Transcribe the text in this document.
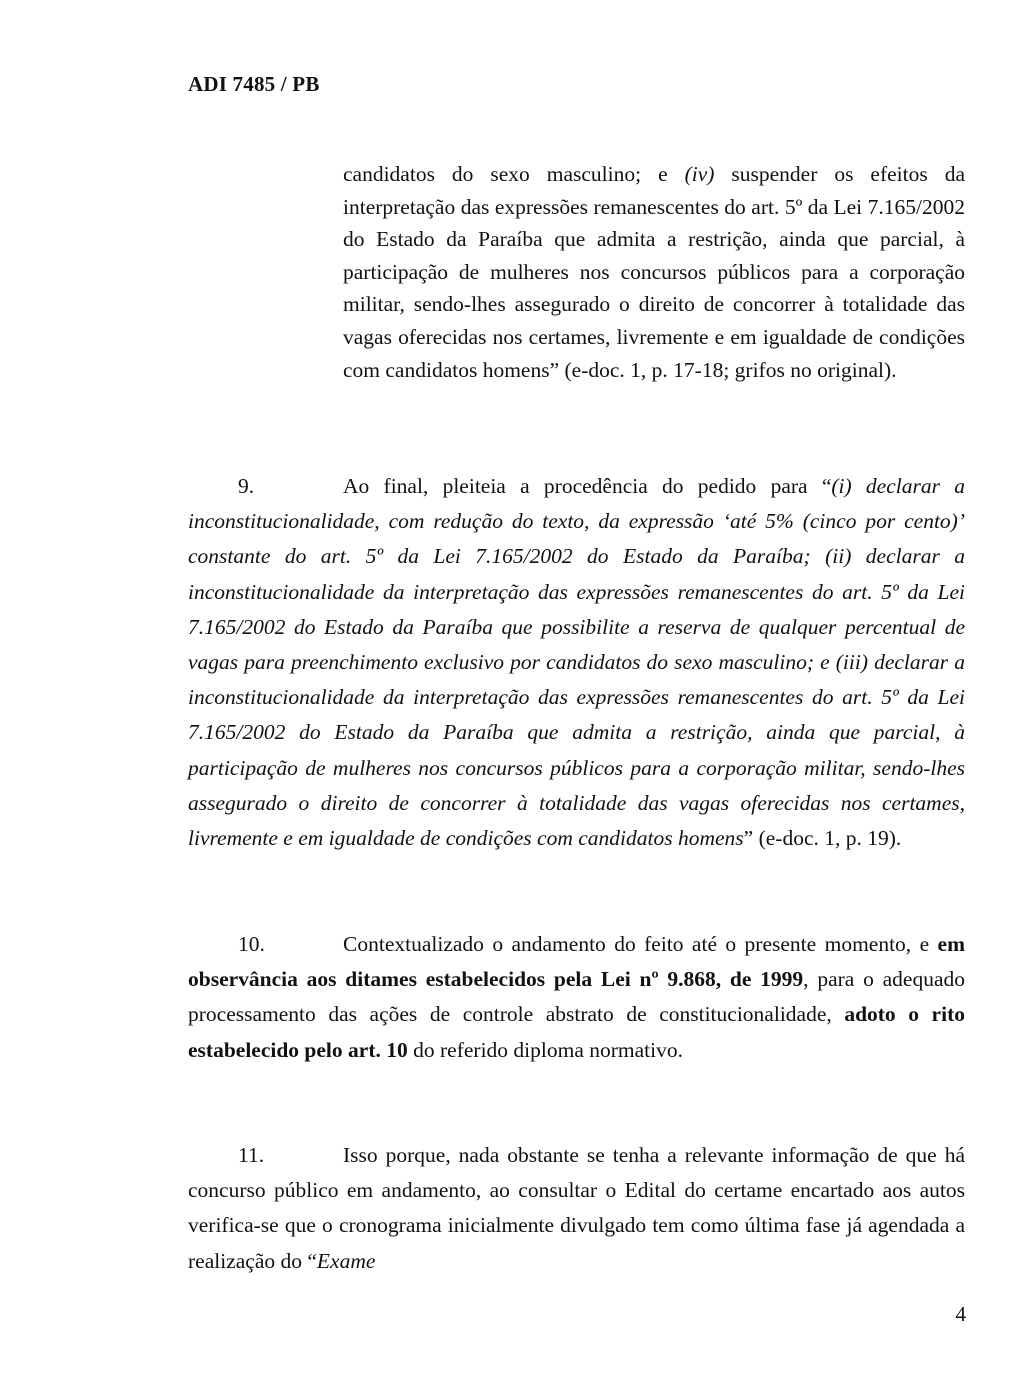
ADI 7485 / PB
candidatos do sexo masculino; e (iv) suspender os efeitos da interpretação das expressões remanescentes do art. 5º da Lei 7.165/2002 do Estado da Paraíba que admita a restrição, ainda que parcial, à participação de mulheres nos concursos públicos para a corporação militar, sendo-lhes assegurado o direito de concorrer à totalidade das vagas oferecidas nos certames, livremente e em igualdade de condições com candidatos homens” (e-doc. 1, p. 17-18; grifos no original).
9.	Ao final, pleiteia a procedência do pedido para “(i) declarar a inconstitucionalidade, com redução do texto, da expressão ‘até 5% (cinco por cento)’ constante do art. 5º da Lei 7.165/2002 do Estado da Paraíba; (ii) declarar a inconstitucionalidade da interpretação das expressões remanescentes do art. 5º da Lei 7.165/2002 do Estado da Paraíba que possibilite a reserva de qualquer percentual de vagas para preenchimento exclusivo por candidatos do sexo masculino; e (iii) declarar a inconstitucionalidade da interpretação das expressões remanescentes do art. 5º da Lei 7.165/2002 do Estado da Paraíba que admita a restrição, ainda que parcial, à participação de mulheres nos concursos públicos para a corporação militar, sendo-lhes assegurado o direito de concorrer à totalidade das vagas oferecidas nos certames, livremente e em igualdade de condições com candidatos homens” (e-doc. 1, p. 19).
10.	Contextualizado o andamento do feito até o presente momento, e em observância aos ditames estabelecidos pela Lei nº 9.868, de 1999, para o adequado processamento das ações de controle abstrato de constitucionalidade, adoto o rito estabelecido pelo art. 10 do referido diploma normativo.
11.	Isso porque, nada obstante se tenha a relevante informação de que há concurso público em andamento, ao consultar o Edital do certame encartado aos autos verifica-se que o cronograma inicialmente divulgado tem como última fase já agendada a realização do “Exame
4
